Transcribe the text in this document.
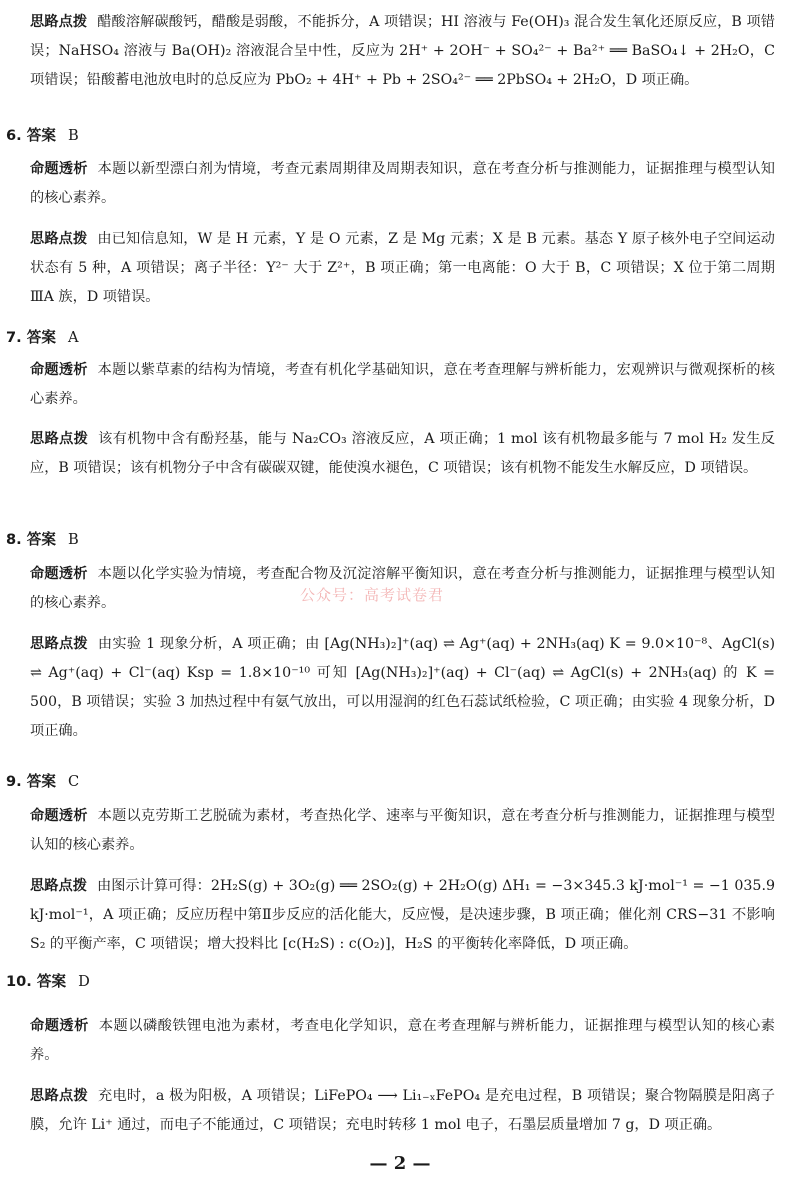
思路点拨 醋酸溶解碳酸钙，醋酸是弱酸，不能拆分，A 项错误；HI 溶液与 Fe(OH)₃ 混合发生氧化还原反应，B 项错误；NaHSO₄ 溶液与 Ba(OH)₂ 溶液混合呈中性，反应为 2H⁺ + 2OH⁻ + SO₄²⁻ + Ba²⁺ ══ BaSO₄↓ + 2H₂O，C 项错误；铅酸蓄电池放电时的总反应为 PbO₂ + 4H⁺ + Pb + 2SO₄²⁻ ══ 2PbSO₄ + 2H₂O，D 项正确。

6. 答案 B

命题透析 本题以新型漂白剂为情境，考查元素周期律及周期表知识，意在考查分析与推测能力，证据推理与模型认知的核心素养。

思路点拨 由已知信息知，W 是 H 元素，Y 是 O 元素，Z 是 Mg 元素；X 是 B 元素。基态 Y 原子核外电子空间运动状态有 5 种，A 项错误；离子半径：Y²⁻ 大于 Z²⁺，B 项正确；第一电离能：O 大于 B，C 项错误；X 位于第二周期ⅢA 族，D 项错误。

7. 答案 A

命题透析 本题以紫草素的结构为情境，考查有机化学基础知识，意在考查理解与辨析能力，宏观辨识与微观探析的核心素养。

思路点拨 该有机物中含有酚羟基，能与 Na₂CO₃ 溶液反应，A 项正确；1 mol 该有机物最多能与 7 mol H₂ 发生反应，B 项错误；该有机物分子中含有碳碳双键，能使溴水褪色，C 项错误；该有机物不能发生水解反应，D 项错误。

8. 答案 B

命题透析 本题以化学实验为情境，考查配合物及沉淀溶解平衡知识，意在考查分析与推测能力，证据推理与模型认知的核心素养。	公众号：高考试卷君

思路点拨 由实验 1 现象分析，A 项正确；由 [Ag(NH₃)₂]⁺(aq) ⇌ Ag⁺(aq) + 2NH₃(aq) K = 9.0×10⁻⁸、AgCl(s) ⇌ Ag⁺(aq) + Cl⁻(aq) Ksp = 1.8×10⁻¹⁰ 可知 [Ag(NH₃)₂]⁺(aq) + Cl⁻(aq) ⇌ AgCl(s) + 2NH₃(aq) 的 K = 500，B 项错误；实验 3 加热过程中有氨气放出，可以用湿润的红色石蕊试纸检验，C 项正确；由实验 4 现象分析，D 项正确。

9. 答案 C

命题透析 本题以克劳斯工艺脱硫为素材，考查热化学、速率与平衡知识，意在考查分析与推测能力，证据推理与模型认知的核心素养。

思路点拨 由图示计算可得：2H₂S(g) + 3O₂(g) ══ 2SO₂(g) + 2H₂O(g) ΔH₁ = −3×345.3 kJ·mol⁻¹ = −1 035.9 kJ·mol⁻¹，A 项正确；反应历程中第Ⅱ步反应的活化能大，反应慢，是决速步骤，B 项正确；催化剂 CRS−31 不影响 S₂ 的平衡产率，C 项错误；增大投料比 [c(H₂S) : c(O₂)]，H₂S 的平衡转化率降低，D 项正确。

10. 答案 D

命题透析 本题以磷酸铁锂电池为素材，考查电化学知识，意在考查理解与辨析能力，证据推理与模型认知的核心素养。

思路点拨 充电时，a 极为阳极，A 项错误；LiFePO₄ ⟶ Li₁₋ₓFePO₄ 是充电过程，B 项错误；聚合物隔膜是阳离子膜，允许 Li⁺ 通过，而电子不能通过，C 项错误；充电时转移 1 mol 电子，石墨层质量增加 7 g，D 项正确。

— 2 —
